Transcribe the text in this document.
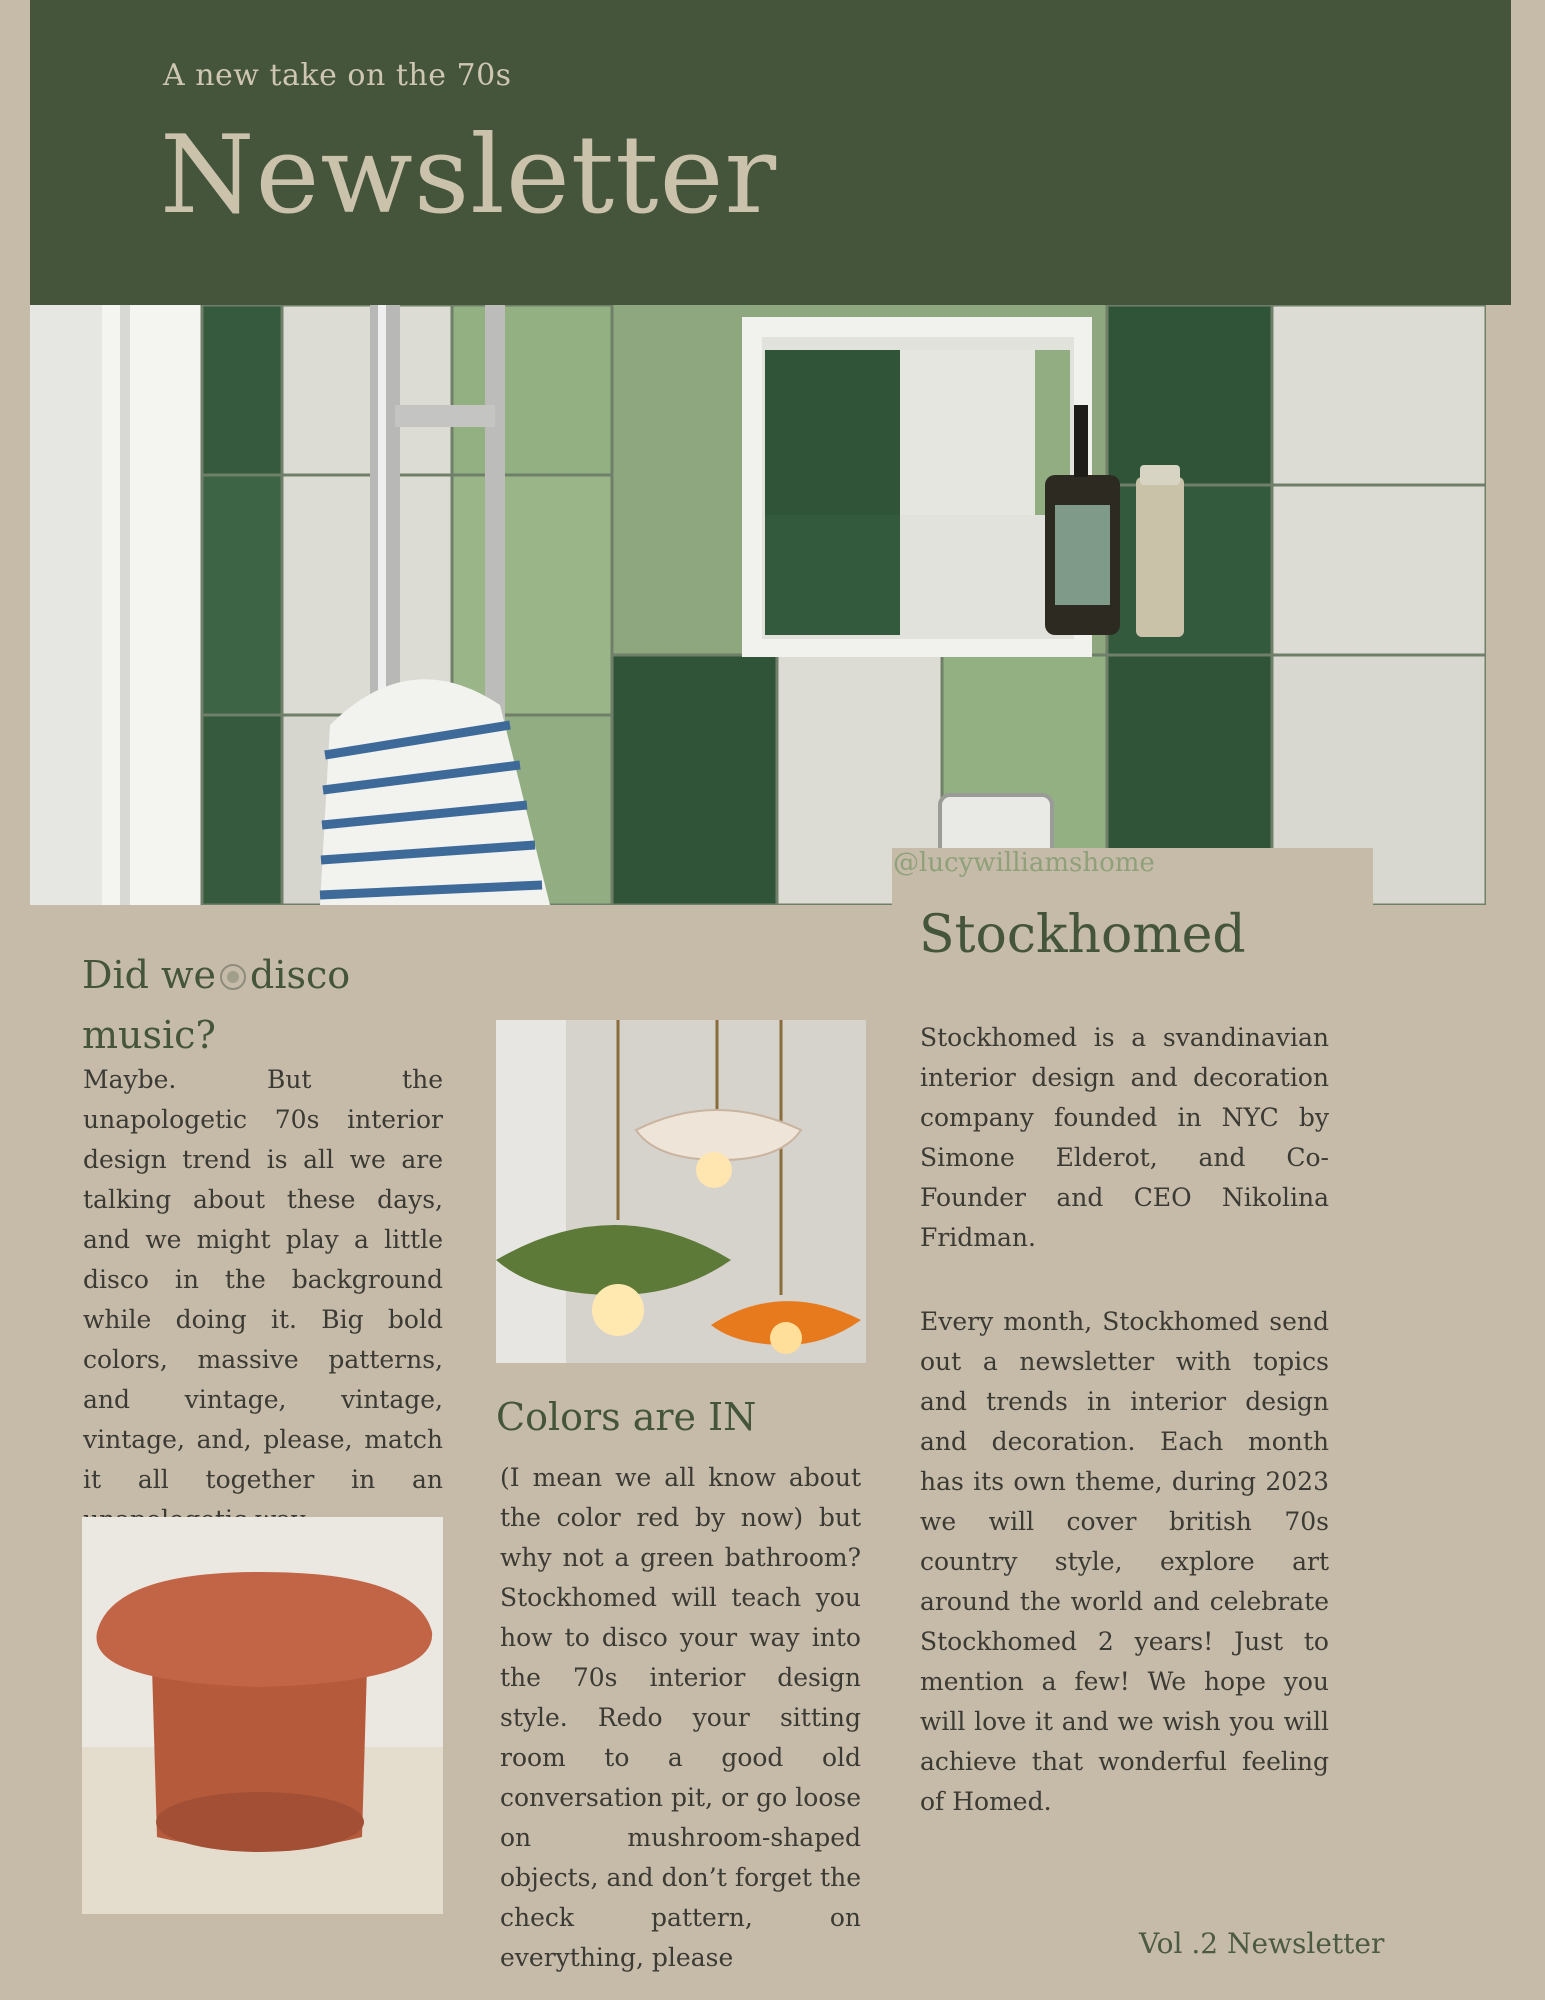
A new take on the 70s
Newsletter
@lucywilliamshome
Did we disco
music?
Maybe. But the unapologetic 70s interior design trend is all we are talking about these days, and we might play a little disco in the background while doing it. Big bold colors, massive patterns, and vintage, vintage, vintage, and, please, match it all together in an
Colors are IN
(I mean we all know about the color red by now) but why not a green bathroom? Stockhomed will teach you how to disco your way into the 70s interior design style. Redo your sitting room to a good old conversation pit, or go loose on mushroom-shaped objects, and don’t forget the check pattern, on everything, please
Stockhomed
Stockhomed is a svandinavian interior design and decoration company founded in NYC by Simone Elderot, and Co-Founder and CEO Nikolina Fridman.
Every month, Stockhomed send out a newsletter with topics and trends in interior design and decoration. Each month has its own theme, during 2023 we will cover british 70s country style, explore art around the world and celebrate Stockhomed 2 years! Just to mention a few! We hope you will love it and we wish you will achieve that wonderful feeling of Homed.
Vol .2 Newsletter
